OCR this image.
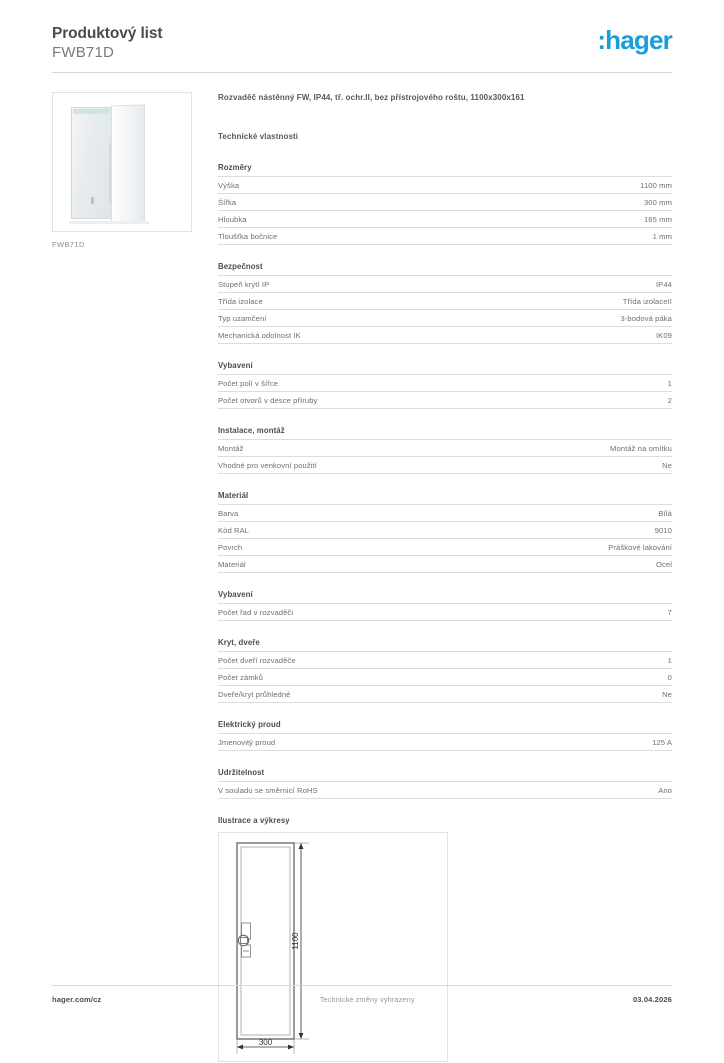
Produktový list
FWB71D	:hager
FWB71D
Rozvaděč nástěnný FW, IP44, tř. ochr.II, bez přístrojového roštu, 1100x300x161
Technické vlastnosti
Rozměry
Výška	1100 mm
Šířka	300 mm
Hloubka	165 mm
Tloušťka bočnice	1 mm
Bezpečnost
Stupeň krytí IP	IP44
Třída izolace	Třída izolaceII
Typ uzamčení	3-bodová páka
Mechanická odolnost IK	IK09
Vybavení
Počet polí v šířce	1
Počet otvorů v desce příruby	2
Instalace, montáž
Montáž	Montáž na omítku
Vhodné pro venkovní použití	Ne
Materiál
Barva	Bílá
Kód RAL	9010
Povrch	Práškové lakování
Materiál	Ocel
Vybavení
Počet řad v rozvaděči	7
Kryt, dveře
Počet dveří rozvaděče	1
Počet zámků	0
Dveře/kryt průhledné	Ne
Elektrický proud
Jmenovitý proud	125 A
Udržitelnost
V souladu se směrnicí RoHS	Ano
Ilustrace a výkresy
1100
300
hager.com/cz	Technické změny vyhrazeny	03.04.2026
